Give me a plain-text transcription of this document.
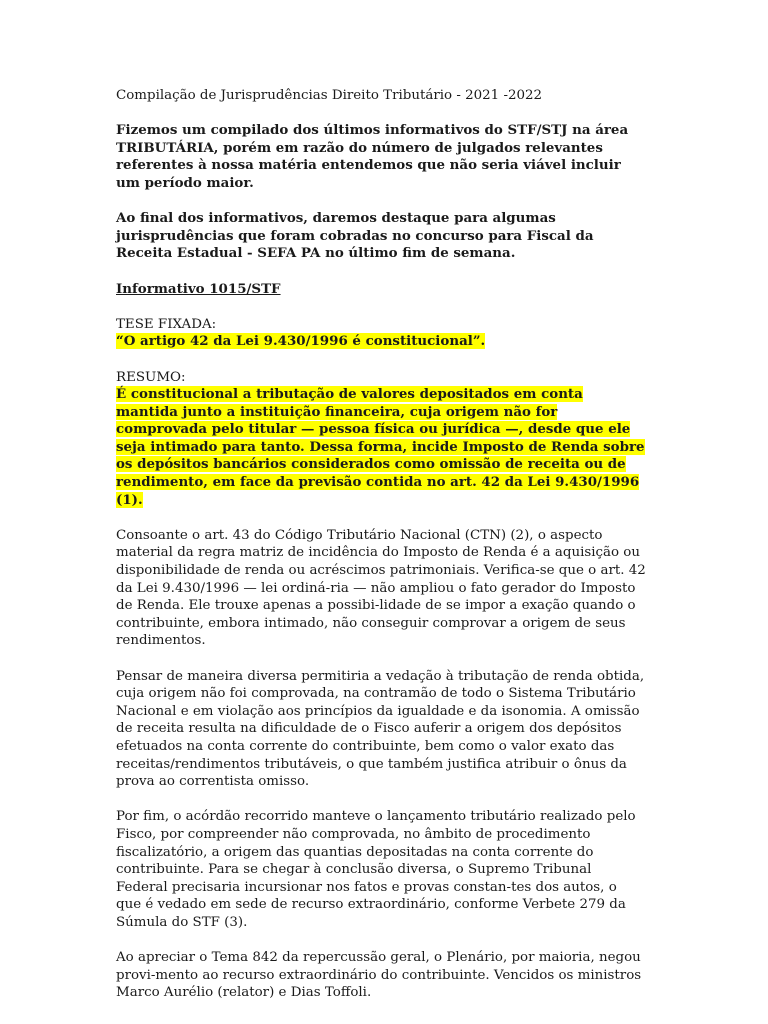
Compilação de Jurisprudências Direito Tributário - 2021 -2022

Fizemos um compilado dos últimos informativos do STF/STJ na área TRIBUTÁRIA, porém em razão do número de julgados relevantes referentes à nossa matéria entendemos que não seria viável incluir um período maior.

Ao final dos informativos, daremos destaque para algumas jurisprudências que foram cobradas no concurso para Fiscal da Receita Estadual - SEFA PA no último fim de semana.

Informativo 1015/STF

TESE FIXADA:
“O artigo 42 da Lei 9.430/1996 é constitucional”.

RESUMO:
É constitucional a tributação de valores depositados em conta mantida junto a instituição financeira, cuja origem não for comprovada pelo titular — pessoa física ou jurídica —, desde que ele seja intimado para tanto. Dessa forma, incide Imposto de Renda sobre os depósitos bancários considerados como omissão de receita ou de rendimento, em face da previsão contida no art. 42 da Lei 9.430/1996 (1).

Consoante o art. 43 do Código Tributário Nacional (CTN) (2), o aspecto material da regra matriz de incidência do Imposto de Renda é a aquisição ou disponibilidade de renda ou acréscimos patrimoniais. Verifica-se que o art. 42 da Lei 9.430/1996 — lei ordiná-ria — não ampliou o fato gerador do Imposto de Renda. Ele trouxe apenas a possibi-lidade de se impor a exação quando o contribuinte, embora intimado, não conseguir comprovar a origem de seus rendimentos.

Pensar de maneira diversa permitiria a vedação à tributação de renda obtida, cuja origem não foi comprovada, na contramão de todo o Sistema Tributário Nacional e em violação aos princípios da igualdade e da isonomia. A omissão de receita resulta na dificuldade de o Fisco auferir a origem dos depósitos efetuados na conta corrente do contribuinte, bem como o valor exato das receitas/rendimentos tributáveis, o que também justifica atribuir o ônus da prova ao correntista omisso.

Por fim, o acórdão recorrido manteve o lançamento tributário realizado pelo Fisco, por compreender não comprovada, no âmbito de procedimento fiscalizatório, a origem das quantias depositadas na conta corrente do contribuinte. Para se chegar à conclusão diversa, o Supremo Tribunal Federal precisaria incursionar nos fatos e provas constan-tes dos autos, o que é vedado em sede de recurso extraordinário, conforme Verbete 279 da Súmula do STF (3).

Ao apreciar o Tema 842 da repercussão geral, o Plenário, por maioria, negou provi-mento ao recurso extraordinário do contribuinte. Vencidos os ministros Marco Aurélio (relator) e Dias Toffoli.
